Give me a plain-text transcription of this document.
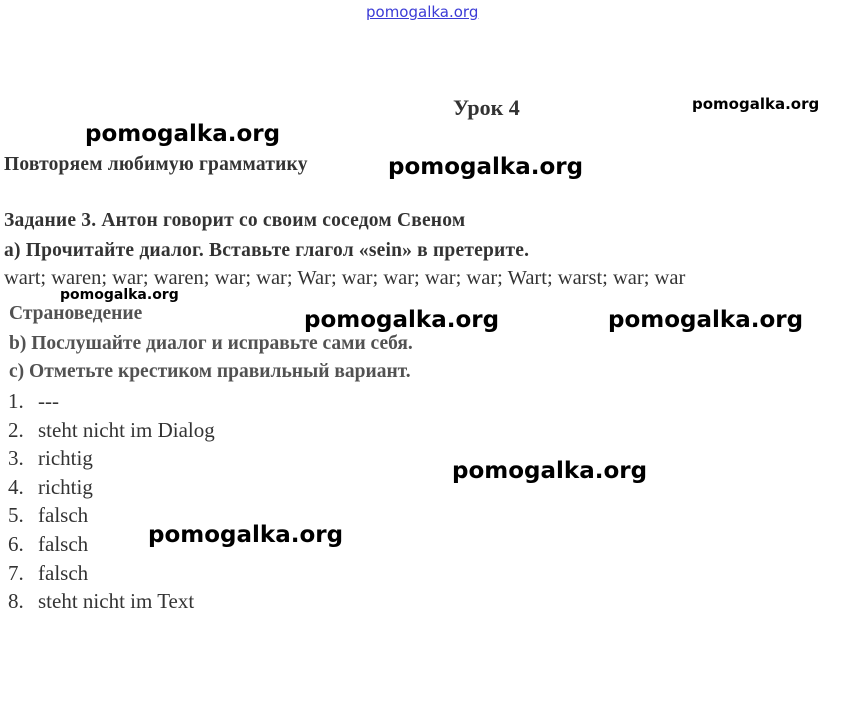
pomogalka.org
Урок 4
Повторяем любимую грамматику
Задание 3. Антон говорит со своим соседом Свеном
а) Прочитайте диалог. Вставьте глагол «sein» в претерите.
wart; waren; war; waren; war; war; War; war; war; war; war; Wart; warst; war; war
Страноведение
b) Послушайте диалог и исправьте сами себя.
с) Отметьте крестиком правильный вариант.
1. ---
2. steht nicht im Dialog
3. richtig
4. richtig
5. falsch
6. falsch
7. falsch
8. steht nicht im Text
pomogalka.org
pomogalka.org
pomogalka.org
pomogalka.org
pomogalka.org	pomogalka.org
pomogalka.org
pomogalka.org
